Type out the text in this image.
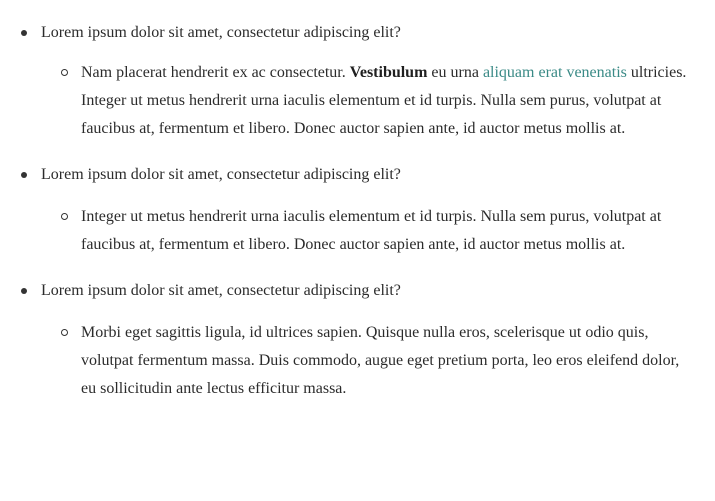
Lorem ipsum dolor sit amet, consectetur adipiscing elit?
Nam placerat hendrerit ex ac consectetur. Vestibulum eu urna aliquam erat venenatis ultricies. Integer ut metus hendrerit urna iaculis elementum et id turpis. Nulla sem purus, volutpat at faucibus at, fermentum et libero. Donec auctor sapien ante, id auctor metus mollis at.
Lorem ipsum dolor sit amet, consectetur adipiscing elit?
Integer ut metus hendrerit urna iaculis elementum et id turpis. Nulla sem purus, volutpat at faucibus at, fermentum et libero. Donec auctor sapien ante, id auctor metus mollis at.
Lorem ipsum dolor sit amet, consectetur adipiscing elit?
Morbi eget sagittis ligula, id ultrices sapien. Quisque nulla eros, scelerisque ut odio quis, volutpat fermentum massa. Duis commodo, augue eget pretium porta, leo eros eleifend dolor, eu sollicitudin ante lectus efficitur massa.
